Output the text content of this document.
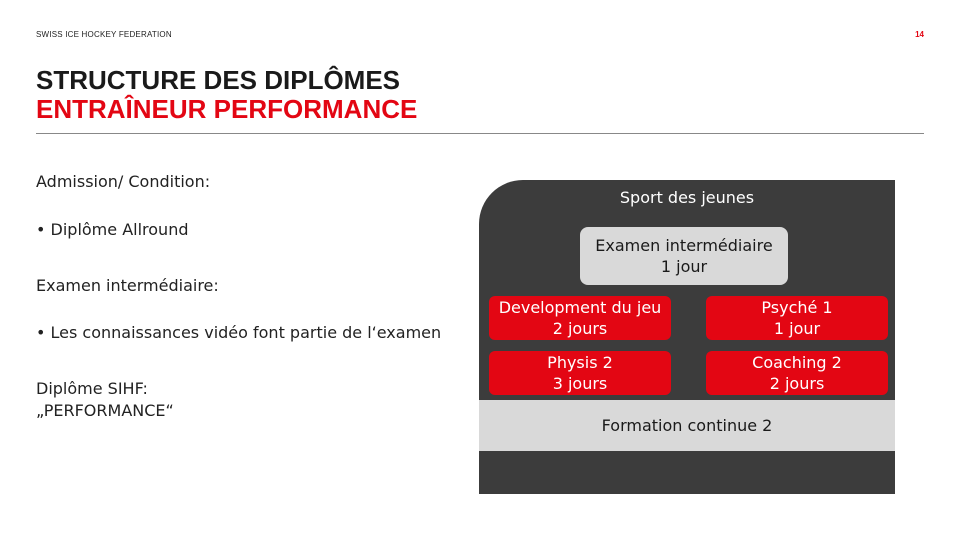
SWISS ICE HOCKEY FEDERATION	14
STRUCTURE DES DIPLÔMES
ENTRAÎNEUR PERFORMANCE
Admission/ Condition:
• Diplôme Allround
Examen intermédiaire:
• Les connaissances vidéo font partie de l‘examen
Diplôme SIHF:
„PERFORMANCE“
Sport des jeunes
Examen intermédiaire
1 jour
Development du jeu
2 jours
Psyché 1
1 jour
Physis 2
3 jours
Coaching 2
2 jours
Formation continue 2
